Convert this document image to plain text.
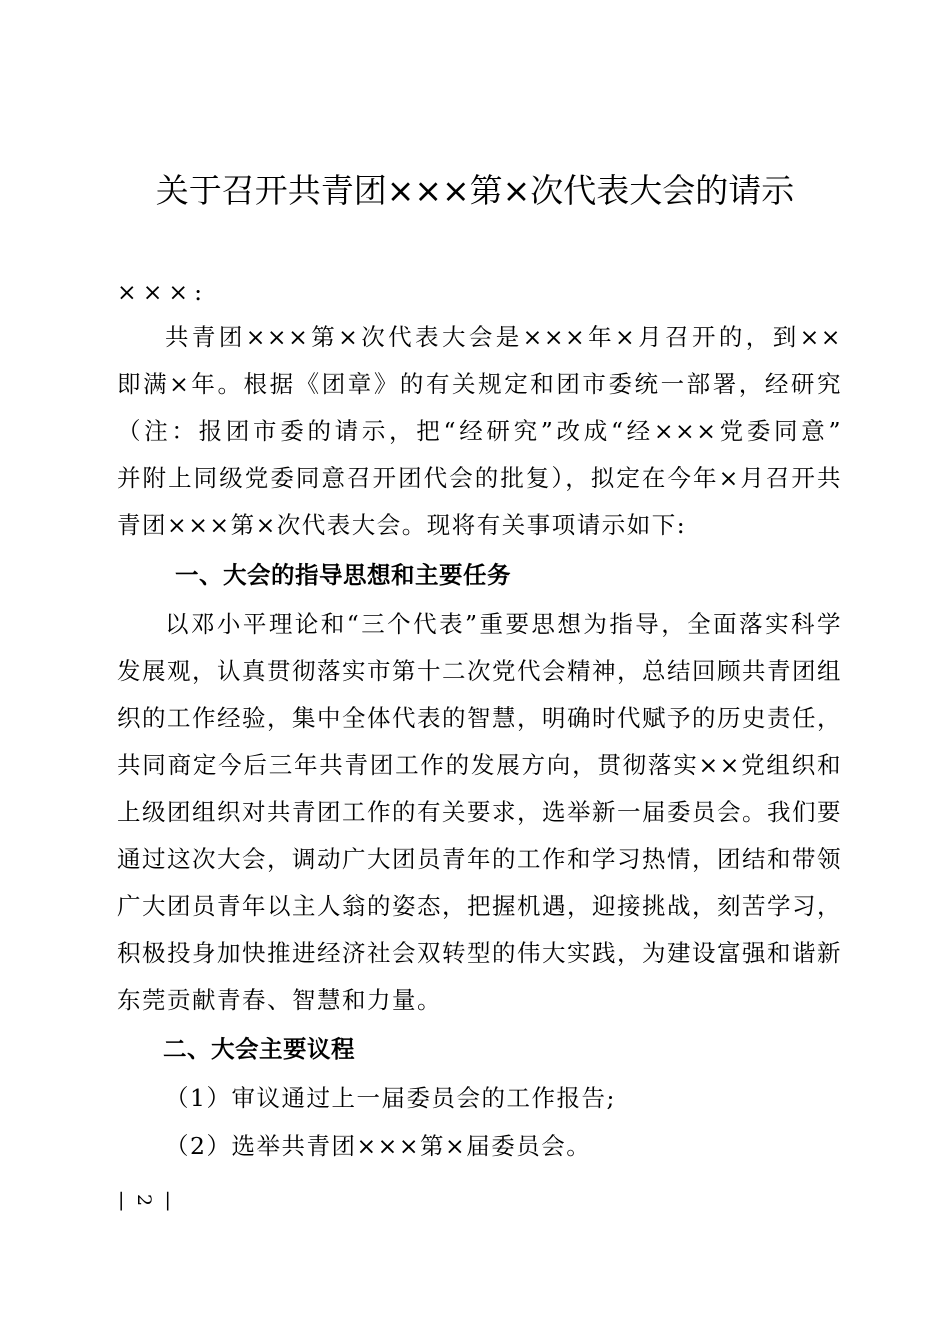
关于召开共青团×××第×次代表大会的请示
×××:
共青团×××第×次代表大会是×××年×月召开的，到××
即满×年。根据《团章》的有关规定和团市委统一部署，经研究
（注：报团市委的请示，把“经研究”改成“经×××党委同意”
并附上同级党委同意召开团代会的批复），拟定在今年×月召开共
青团×××第×次代表大会。现将有关事项请示如下:
一、大会的指导思想和主要任务
以邓小平理论和“三个代表”重要思想为指导，全面落实科学
发展观，认真贯彻落实市第十二次党代会精神，总结回顾共青团组
织的工作经验，集中全体代表的智慧，明确时代赋予的历史责任，
共同商定今后三年共青团工作的发展方向，贯彻落实××党组织和
上级团组织对共青团工作的有关要求，选举新一届委员会。我们要
通过这次大会，调动广大团员青年的工作和学习热情，团结和带领
广大团员青年以主人翁的姿态，把握机遇，迎接挑战，刻苦学习，
积极投身加快推进经济社会双转型的伟大实践，为建设富强和谐新
东莞贡献青春、智慧和力量。
二、大会主要议程
（1）审议通过上一届委员会的工作报告;
（2）选举共青团×××第×届委员会。
| 2 |
